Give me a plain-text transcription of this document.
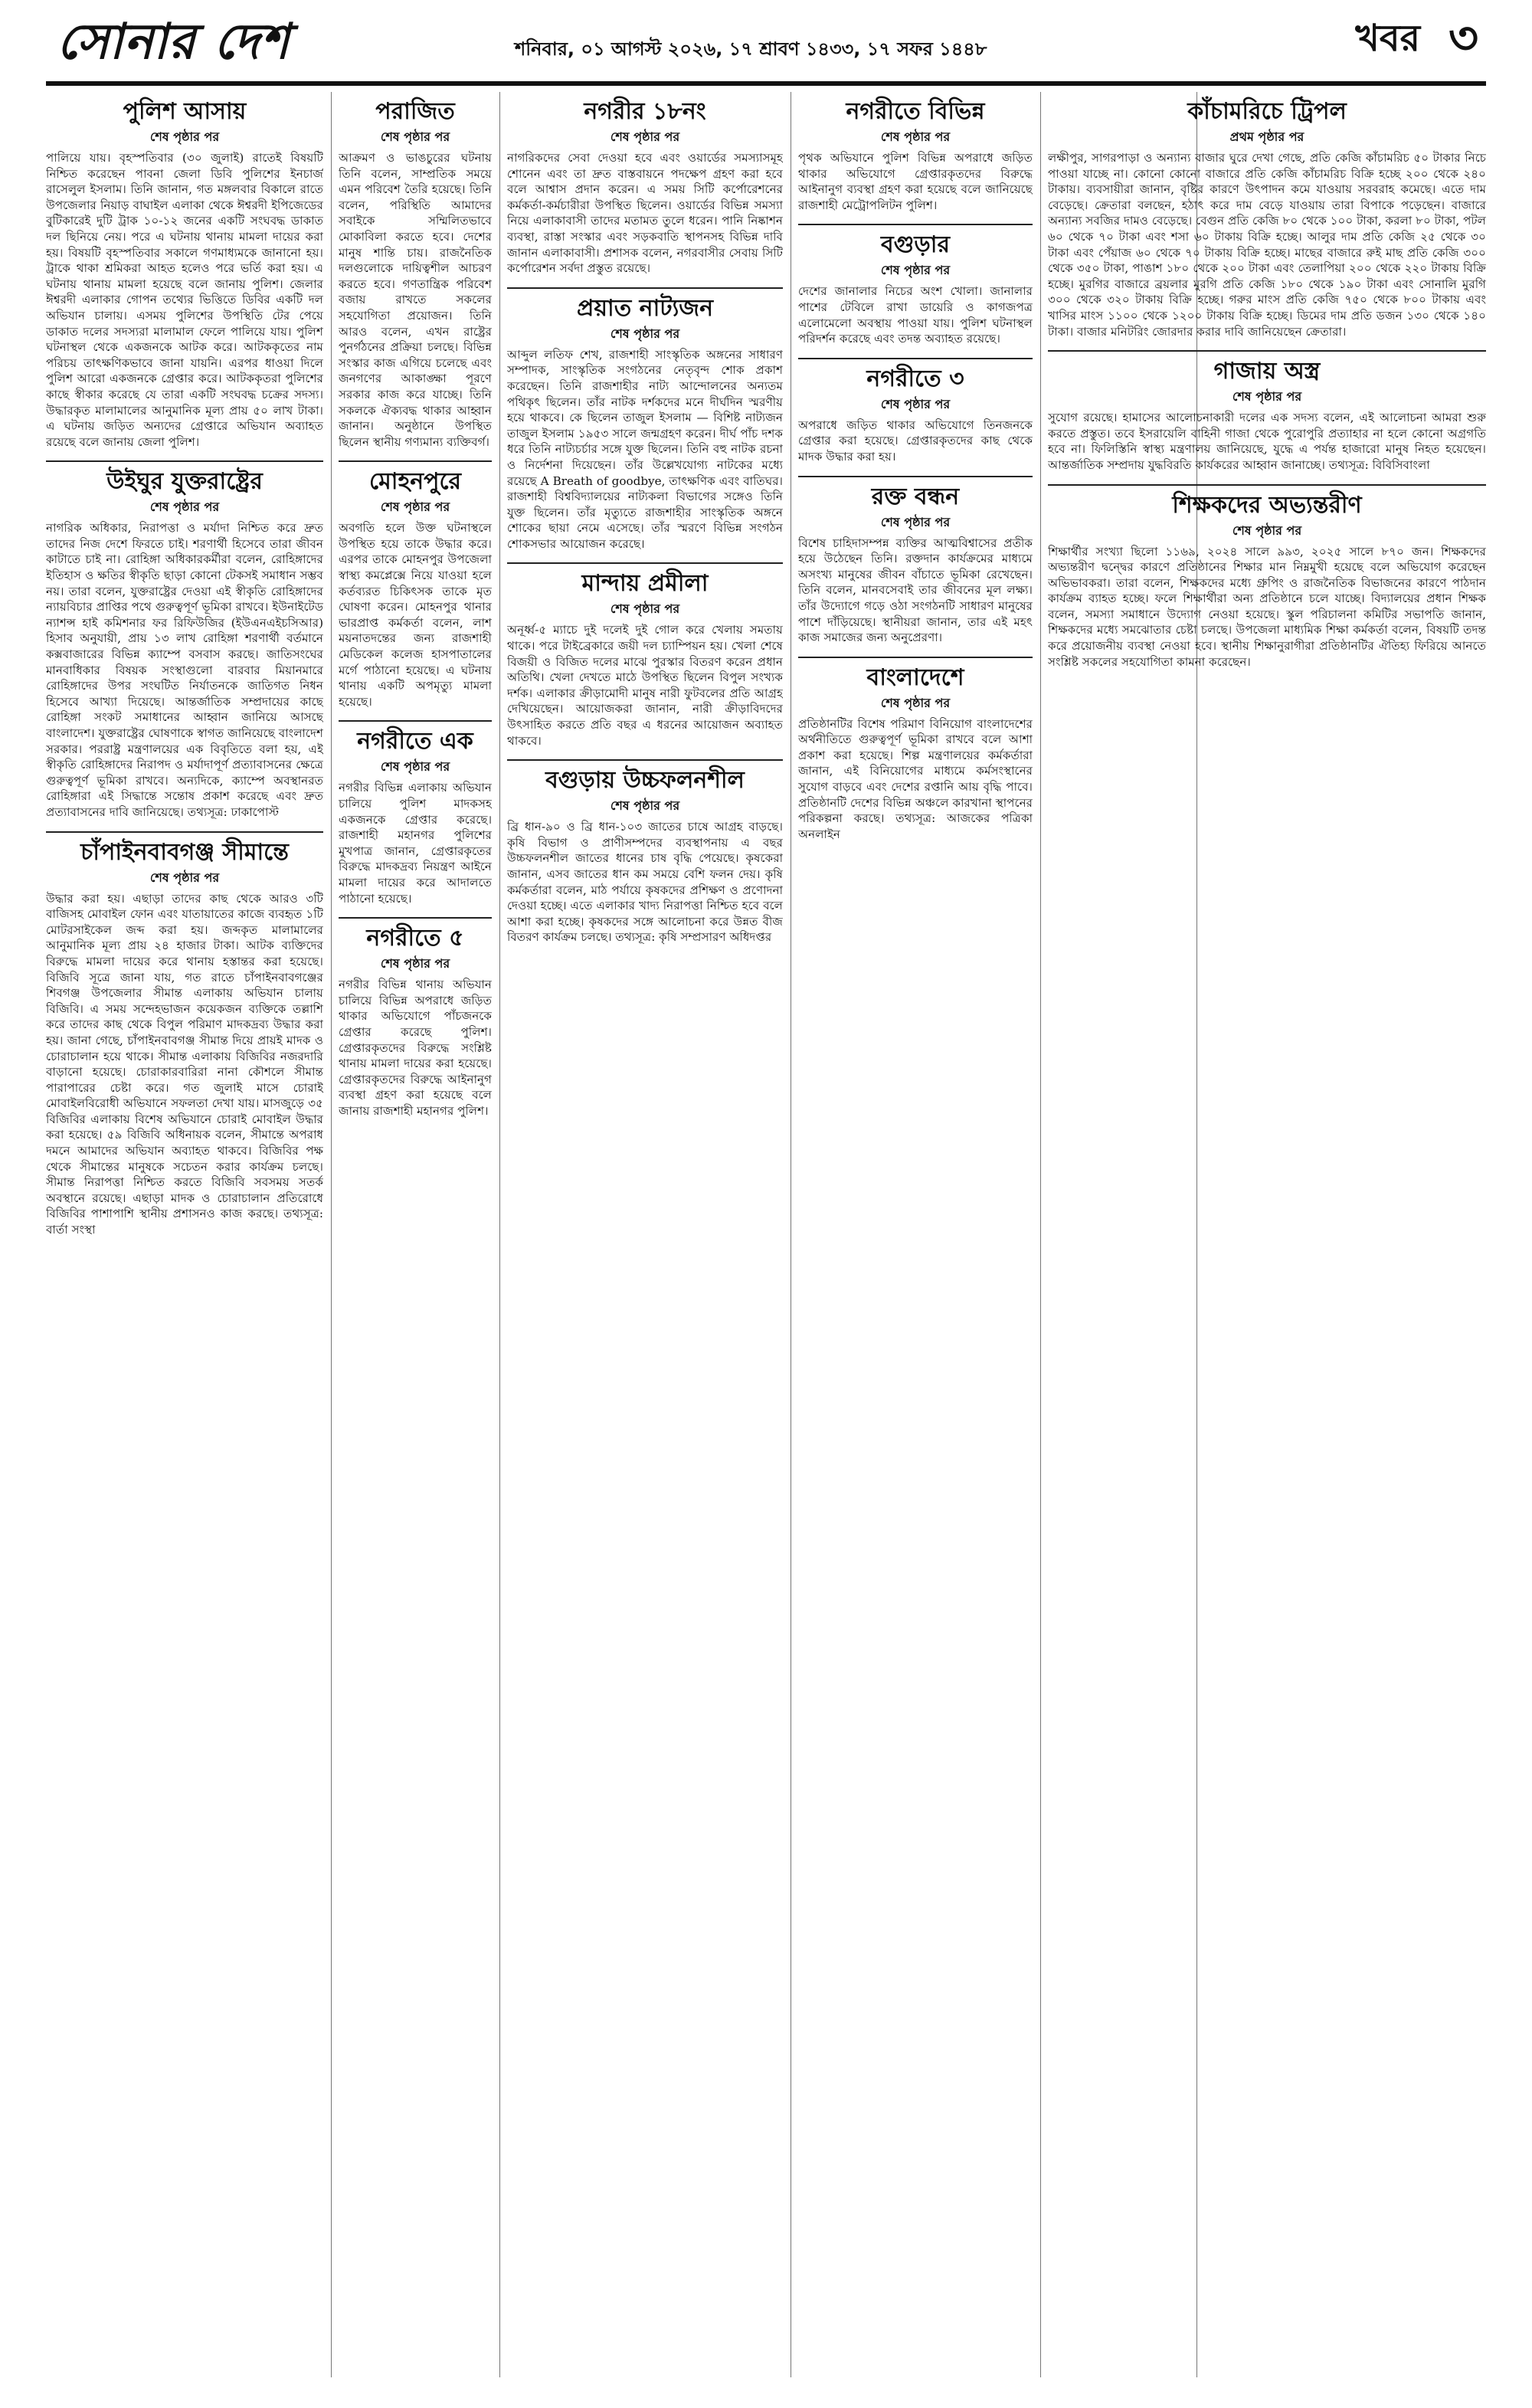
সোনার দেশ	শনিবার, ০১ আগস্ট ২০২৬, ১৭ শ্রাবণ ১৪৩৩, ১৭ সফর ১৪৪৮	খবর ৩
পুলিশ আসায়
শেষ পৃষ্ঠার পর

পালিয়ে যায়। বৃহস্পতিবার (৩০ জুলাই) রাতেই বিষয়টি নিশ্চিত করেছেন পাবনা জেলা ডিবি পুলিশের ইনচার্জ রাসেলুল ইসলাম। তিনি জানান, গত মঙ্গলবার বিকালে রাতে উপজেলার নিয়াড় বাঘাইল এলাকা থেকে ঈশ্বরদী ইপিজেডের বুটিকারেই দুটি ট্রাক ১০-১২ জনের একটি সংঘবদ্ধ ডাকাত দল ছিনিয়ে নেয়। পরে এ ঘটনায় থানায় মামলা দায়ের করা হয়। বিষয়টি বৃহস্পতিবার সকালে গণমাধ্যমকে জানানো হয়। ট্রাকে থাকা শ্রমিকরা আহত হলেও পরে ভর্তি করা হয়। এ ঘটনায় থানায় মামলা হয়েছে বলে জানায় পুলিশ। জেলার ঈশ্বরদী এলাকার গোপন তথ্যের ভিত্তিতে ডিবির একটি দল অভিযান চালায়। এসময় পুলিশের উপস্থিতি টের পেয়ে ডাকাত দলের সদস্যরা মালামাল ফেলে পালিয়ে যায়। পুলিশ ঘটনাস্থল থেকে একজনকে আটক করে। আটককৃতের নাম পরিচয় তাৎক্ষণিকভাবে জানা যায়নি। এরপর ধাওয়া দিলে পুলিশ আরো একজনকে গ্রেপ্তার করে। আটককৃতরা পুলিশের কাছে স্বীকার করেছে যে তারা একটি সংঘবদ্ধ চক্রের সদস্য। উদ্ধারকৃত মালামালের আনুমানিক মূল্য প্রায় ৫০ লাখ টাকা। এ ঘটনায় জড়িত অন্যদের গ্রেপ্তারে অভিযান অব্যাহত রয়েছে বলে জানায় জেলা পুলিশ।

উইঘুর যুক্তরাষ্ট্রের
শেষ পৃষ্ঠার পর

নাগরিক অধিকার, নিরাপত্তা ও মর্যাদা নিশ্চিত করে দ্রুত তাদের নিজ দেশে ফিরতে চাই। শরণার্থী হিসেবে তারা জীবন কাটাতে চাই না। রোহিঙ্গা অধিকারকর্মীরা বলেন, রোহিঙ্গাদের ইতিহাস ও ক্ষতির স্বীকৃতি ছাড়া কোনো টেকসই সমাধান সম্ভব নয়। তারা বলেন, যুক্তরাষ্ট্রের দেওয়া এই স্বীকৃতি রোহিঙ্গাদের ন্যায়বিচার প্রাপ্তির পথে গুরুত্বপূর্ণ ভূমিকা রাখবে। ইউনাইটেড ন্যাশন্স হাই কমিশনার ফর রিফিউজির (ইউএনএইচসিআর) হিসাব অনুযায়ী, প্রায় ১৩ লাখ রোহিঙ্গা শরণার্থী বর্তমানে কক্সবাজারের বিভিন্ন ক্যাম্পে বসবাস করছে। জাতিসংঘের মানবাধিকার বিষয়ক সংস্থাগুলো বারবার মিয়ানমারে রোহিঙ্গাদের উপর সংঘটিত নির্যাতনকে জাতিগত নিধন হিসেবে আখ্যা দিয়েছে। আন্তর্জাতিক সম্প্রদায়ের কাছে রোহিঙ্গা সংকট সমাধানের আহ্বান জানিয়ে আসছে বাংলাদেশ। যুক্তরাষ্ট্রের ঘোষণাকে স্বাগত জানিয়েছে বাংলাদেশ সরকার। পররাষ্ট্র মন্ত্রণালয়ের এক বিবৃতিতে বলা হয়, এই স্বীকৃতি রোহিঙ্গাদের নিরাপদ ও মর্যাদাপূর্ণ প্রত্যাবাসনের ক্ষেত্রে গুরুত্বপূর্ণ ভূমিকা রাখবে। অন্যদিকে, ক্যাম্পে অবস্থানরত রোহিঙ্গারা এই সিদ্ধান্তে সন্তোষ প্রকাশ করেছে এবং দ্রুত প্রত্যাবাসনের দাবি জানিয়েছে। তথ্যসূত্র: ঢাকাপোস্ট

চাঁপাইনবাবগঞ্জ সীমান্তে
শেষ পৃষ্ঠার পর

উদ্ধার করা হয়। এছাড়া তাদের কাছ থেকে আরও ৩টি বাজিসহ মোবাইল ফোন এবং যাতায়াতের কাজে ব্যবহৃত ১টি মোটরসাইকেল জব্দ করা হয়। জব্দকৃত মালামালের আনুমানিক মূল্য প্রায় ২৪ হাজার টাকা। আটক ব্যক্তিদের বিরুদ্ধে মামলা দায়ের করে থানায় হস্তান্তর করা হয়েছে। বিজিবি সূত্রে জানা যায়, গত রাতে চাঁপাইনবাবগঞ্জের শিবগঞ্জ উপজেলার সীমান্ত এলাকায় অভিযান চালায় বিজিবি। এ সময় সন্দেহভাজন কয়েকজন ব্যক্তিকে তল্লাশি করে তাদের কাছ থেকে বিপুল পরিমাণ মাদকদ্রব্য উদ্ধার করা হয়। জানা গেছে, চাঁপাইনবাবগঞ্জ সীমান্ত দিয়ে প্রায়ই মাদক ও চোরাচালান হয়ে থাকে। সীমান্ত এলাকায় বিজিবির নজরদারি বাড়ানো হয়েছে। চোরাকারবারিরা নানা কৌশলে সীমান্ত পারাপারের চেষ্টা করে। গত জুলাই মাসে চোরাই মোবাইলবিরোধী অভিযানে সফলতা দেখা যায়। মাসজুড়ে ৩৫ বিজিবির এলাকায় বিশেষ অভিযানে চোরাই মোবাইল উদ্ধার করা হয়েছে। ৫৯ বিজিবি অধিনায়ক বলেন, সীমান্তে অপরাধ দমনে আমাদের অভিযান অব্যাহত থাকবে। বিজিবির পক্ষ থেকে সীমান্তের মানুষকে সচেতন করার কার্যক্রম চলছে। সীমান্ত নিরাপত্তা নিশ্চিত করতে বিজিবি সবসময় সতর্ক অবস্থানে রয়েছে। এছাড়া মাদক ও চোরাচালান প্রতিরোধে বিজিবির পাশাপাশি স্থানীয় প্রশাসনও কাজ করছে। তথ্যসূত্র: বার্তা সংস্থা

পরাজিত
শেষ পৃষ্ঠার পর

আক্রমণ ও ভাঙচুরের ঘটনায় তিনি বলেন, সাম্প্রতিক সময়ে এমন পরিবেশ তৈরি হয়েছে। তিনি বলেন, পরিস্থিতি আমাদের সবাইকে সম্মিলিতভাবে মোকাবিলা করতে হবে। দেশের মানুষ শান্তি চায়। রাজনৈতিক দলগুলোকে দায়িত্বশীল আচরণ করতে হবে। গণতান্ত্রিক পরিবেশ বজায় রাখতে সকলের সহযোগিতা প্রয়োজন। তিনি আরও বলেন, এখন রাষ্ট্রের পুনর্গঠনের প্রক্রিয়া চলছে। বিভিন্ন সংস্কার কাজ এগিয়ে চলেছে এবং জনগণের আকাঙ্ক্ষা পূরণে সরকার কাজ করে যাচ্ছে। তিনি সকলকে ঐক্যবদ্ধ থাকার আহ্বান জানান। অনুষ্ঠানে উপস্থিত ছিলেন স্থানীয় গণ্যমান্য ব্যক্তিবর্গ।

মোহনপুরে
শেষ পৃষ্ঠার পর

অবগতি হলে উক্ত ঘটনাস্থলে উপস্থিত হয়ে তাকে উদ্ধার করে। এরপর তাকে মোহনপুর উপজেলা স্বাস্থ্য কমপ্লেক্সে নিয়ে যাওয়া হলে কর্তব্যরত চিকিৎসক তাকে মৃত ঘোষণা করেন। মোহনপুর থানার ভারপ্রাপ্ত কর্মকর্তা বলেন, লাশ ময়নাতদন্তের জন্য রাজশাহী মেডিকেল কলেজ হাসপাতালের মর্গে পাঠানো হয়েছে। এ ঘটনায় থানায় একটি অপমৃত্যু মামলা হয়েছে।

নগরীতে এক
শেষ পৃষ্ঠার পর

নগরীর বিভিন্ন এলাকায় অভিযান চালিয়ে পুলিশ মাদকসহ একজনকে গ্রেপ্তার করেছে। রাজশাহী মহানগর পুলিশের মুখপাত্র জানান, গ্রেপ্তারকৃতের বিরুদ্ধে মাদকদ্রব্য নিয়ন্ত্রণ আইনে মামলা দায়ের করে আদালতে পাঠানো হয়েছে।

নগরীতে ৫
শেষ পৃষ্ঠার পর

নগরীর বিভিন্ন থানায় অভিযান চালিয়ে বিভিন্ন অপরাধে জড়িত থাকার অভিযোগে পাঁচজনকে গ্রেপ্তার করেছে পুলিশ। গ্রেপ্তারকৃতদের বিরুদ্ধে সংশ্লিষ্ট থানায় মামলা দায়ের করা হয়েছে। গ্রেপ্তারকৃতদের বিরুদ্ধে আইনানুগ ব্যবস্থা গ্রহণ করা হয়েছে বলে জানায় রাজশাহী মহানগর পুলিশ।

নগরীর ১৮নং
শেষ পৃষ্ঠার পর

নাগরিকদের সেবা দেওয়া হবে এবং ওয়ার্ডের সমস্যাসমূহ শোনেন এবং তা দ্রুত বাস্তবায়নে পদক্ষেপ গ্রহণ করা হবে বলে আশ্বাস প্রদান করেন। এ সময় সিটি কর্পোরেশনের কর্মকর্তা-কর্মচারীরা উপস্থিত ছিলেন। ওয়ার্ডের বিভিন্ন সমস্যা নিয়ে এলাকাবাসী তাদের মতামত তুলে ধরেন। পানি নিষ্কাশন ব্যবস্থা, রাস্তা সংস্কার এবং সড়কবাতি স্থাপনসহ বিভিন্ন দাবি জানান এলাকাবাসী। প্রশাসক বলেন, নগরবাসীর সেবায় সিটি কর্পোরেশন সর্বদা প্রস্তুত রয়েছে।

প্রয়াত নাট্যজন
শেষ পৃষ্ঠার পর

আব্দুল লতিফ শেখ, রাজশাহী সাংস্কৃতিক অঙ্গনের সাধারণ সম্পাদক, সাংস্কৃতিক সংগঠনের নেতৃবৃন্দ শোক প্রকাশ করেছেন। তিনি রাজশাহীর নাট্য আন্দোলনের অন্যতম পথিকৃৎ ছিলেন। তাঁর নাটক দর্শকদের মনে দীর্ঘদিন স্মরণীয় হয়ে থাকবে। কে ছিলেন তাজুল ইসলাম — বিশিষ্ট নাট্যজন তাজুল ইসলাম ১৯৫৩ সালে জন্মগ্রহণ করেন। দীর্ঘ পাঁচ দশক ধরে তিনি নাট্যচর্চার সঙ্গে যুক্ত ছিলেন। তিনি বহু নাটক রচনা ও নির্দেশনা দিয়েছেন। তাঁর উল্লেখযোগ্য নাটকের মধ্যে রয়েছে A Breath of goodbye, তাৎক্ষণিক এবং বাতিঘর। রাজশাহী বিশ্ববিদ্যালয়ের নাট্যকলা বিভাগের সঙ্গেও তিনি যুক্ত ছিলেন। তাঁর মৃত্যুতে রাজশাহীর সাংস্কৃতিক অঙ্গনে শোকের ছায়া নেমে এসেছে। তাঁর স্মরণে বিভিন্ন সংগঠন শোকসভার আয়োজন করেছে।

মান্দায় প্রমীলা
শেষ পৃষ্ঠার পর

অনূর্ধ্ব-৫ ম্যাচে দুই দলেই দুই গোল করে খেলায় সমতায় থাকে। পরে টাইব্রেকারে জয়ী দল চ্যাম্পিয়ন হয়। খেলা শেষে বিজয়ী ও বিজিত দলের মাঝে পুরস্কার বিতরণ করেন প্রধান অতিথি। খেলা দেখতে মাঠে উপস্থিত ছিলেন বিপুল সংখ্যক দর্শক। এলাকার ক্রীড়ামোদী মানুষ নারী ফুটবলের প্রতি আগ্রহ দেখিয়েছেন। আয়োজকরা জানান, নারী ক্রীড়াবিদদের উৎসাহিত করতে প্রতি বছর এ ধরনের আয়োজন অব্যাহত থাকবে।

বগুড়ায় উচ্চফলনশীল
শেষ পৃষ্ঠার পর

ব্রি ধান-৯০ ও ব্রি ধান-১০৩ জাতের চাষে আগ্রহ বাড়ছে। কৃষি বিভাগ ও প্রাণীসম্পদের ব্যবস্থাপনায় এ বছর উচ্চফলনশীল জাতের ধানের চাষ বৃদ্ধি পেয়েছে। কৃষকেরা জানান, এসব জাতের ধান কম সময়ে বেশি ফলন দেয়। কৃষি কর্মকর্তারা বলেন, মাঠ পর্যায়ে কৃষকদের প্রশিক্ষণ ও প্রণোদনা দেওয়া হচ্ছে। এতে এলাকার খাদ্য নিরাপত্তা নিশ্চিত হবে বলে আশা করা হচ্ছে। কৃষকদের সঙ্গে আলোচনা করে উন্নত বীজ বিতরণ কার্যক্রম চলছে। তথ্যসূত্র: কৃষি সম্প্রসারণ অধিদপ্তর

নগরীতে বিভিন্ন
শেষ পৃষ্ঠার পর

পৃথক অভিযানে পুলিশ বিভিন্ন অপরাধে জড়িত থাকার অভিযোগে গ্রেপ্তারকৃতদের বিরুদ্ধে আইনানুগ ব্যবস্থা গ্রহণ করা হয়েছে বলে জানিয়েছে রাজশাহী মেট্রোপলিটন পুলিশ।

বগুড়ার
শেষ পৃষ্ঠার পর

দেশের জানালার নিচের অংশ খোলা। জানালার পাশের টেবিলে রাখা ডায়েরি ও কাগজপত্র এলোমেলো অবস্থায় পাওয়া যায়। পুলিশ ঘটনাস্থল পরিদর্শন করেছে এবং তদন্ত অব্যাহত রয়েছে।

নগরীতে ৩
শেষ পৃষ্ঠার পর

অপরাধে জড়িত থাকার অভিযোগে তিনজনকে গ্রেপ্তার করা হয়েছে। গ্রেপ্তারকৃতদের কাছ থেকে মাদক উদ্ধার করা হয়।

রক্ত বন্ধন
শেষ পৃষ্ঠার পর

বিশেষ চাহিদাসম্পন্ন ব্যক্তির আত্মবিশ্বাসের প্রতীক হয়ে উঠেছেন তিনি। রক্তদান কার্যক্রমের মাধ্যমে অসংখ্য মানুষের জীবন বাঁচাতে ভূমিকা রেখেছেন। তিনি বলেন, মানবসেবাই তার জীবনের মূল লক্ষ্য। তাঁর উদ্যোগে গড়ে ওঠা সংগঠনটি সাধারণ মানুষের পাশে দাঁড়িয়েছে। স্থানীয়রা জানান, তার এই মহৎ কাজ সমাজের জন্য অনুপ্রেরণা।

বাংলাদেশে
শেষ পৃষ্ঠার পর

প্রতিষ্ঠানটির বিশেষ পরিমাণ বিনিয়োগ বাংলাদেশের অর্থনীতিতে গুরুত্বপূর্ণ ভূমিকা রাখবে বলে আশা প্রকাশ করা হয়েছে। শিল্প মন্ত্রণালয়ের কর্মকর্তারা জানান, এই বিনিয়োগের মাধ্যমে কর্মসংস্থানের সুযোগ বাড়বে এবং দেশের রপ্তানি আয় বৃদ্ধি পাবে। প্রতিষ্ঠানটি দেশের বিভিন্ন অঞ্চলে কারখানা স্থাপনের পরিকল্পনা করছে। তথ্যসূত্র: আজকের পত্রিকা অনলাইন

কাঁচামরিচে ট্রিপল
প্রথম পৃষ্ঠার পর

লক্ষীপুর, সাগরপাড়া ও অন্যান্য বাজার ঘুরে দেখা গেছে, প্রতি কেজি কাঁচামরিচ ৫০ টাকার নিচে পাওয়া যাচ্ছে না। কোনো কোনো বাজারে প্রতি কেজি কাঁচামরিচ বিক্রি হচ্ছে ২০০ থেকে ২৪০ টাকায়। ব্যবসায়ীরা জানান, বৃষ্টির কারণে উৎপাদন কমে যাওয়ায় সরবরাহ কমেছে। এতে দাম বেড়েছে। ক্রেতারা বলছেন, হঠাৎ করে দাম বেড়ে যাওয়ায় তারা বিপাকে পড়েছেন। বাজারে অন্যান্য সবজির দামও বেড়েছে। বেগুন প্রতি কেজি ৮০ থেকে ১০০ টাকা, করলা ৮০ টাকা, পটল ৬০ থেকে ৭০ টাকা এবং শসা ৬০ টাকায় বিক্রি হচ্ছে। আলুর দাম প্রতি কেজি ২৫ থেকে ৩০ টাকা এবং পেঁয়াজ ৬০ থেকে ৭০ টাকায় বিক্রি হচ্ছে। মাছের বাজারে রুই মাছ প্রতি কেজি ৩০০ থেকে ৩৫০ টাকা, পাঙাশ ১৮০ থেকে ২০০ টাকা এবং তেলাপিয়া ২০০ থেকে ২২০ টাকায় বিক্রি হচ্ছে। মুরগির বাজারে ব্রয়লার মুরগি প্রতি কেজি ১৮০ থেকে ১৯০ টাকা এবং সোনালি মুরগি ৩০০ থেকে ৩২০ টাকায় বিক্রি হচ্ছে। গরুর মাংস প্রতি কেজি ৭৫০ থেকে ৮০০ টাকায় এবং খাসির মাংস ১১০০ থেকে ১২০০ টাকায় বিক্রি হচ্ছে। ডিমের দাম প্রতি ডজন ১৩০ থেকে ১৪০ টাকা। বাজার মনিটরিং জোরদার করার দাবি জানিয়েছেন ক্রেতারা।

গাজায় অস্ত্র
শেষ পৃষ্ঠার পর

সুযোগ রয়েছে। হামাসের আলোচনাকারী দলের এক সদস্য বলেন, এই আলোচনা আমরা শুরু করতে প্রস্তুত। তবে ইসরায়েলি বাহিনী গাজা থেকে পুরোপুরি প্রত্যাহার না হলে কোনো অগ্রগতি হবে না। ফিলিস্তিনি স্বাস্থ্য মন্ত্রণালয় জানিয়েছে, যুদ্ধে এ পর্যন্ত হাজারো মানুষ নিহত হয়েছেন। আন্তর্জাতিক সম্প্রদায় যুদ্ধবিরতি কার্যকরের আহ্বান জানাচ্ছে। তথ্যসূত্র: বিবিসিবাংলা

শিক্ষকদের অভ্যন্তরীণ
শেষ পৃষ্ঠার পর

শিক্ষার্থীর সংখ্যা ছিলো ১১৬৯, ২০২৪ সালে ৯৯৩, ২০২৫ সালে ৮৭০ জন। শিক্ষকদের অভ্যন্তরীণ দ্বন্দ্বের কারণে প্রতিষ্ঠানের শিক্ষার মান নিম্নমুখী হয়েছে বলে অভিযোগ করেছেন অভিভাবকরা। তারা বলেন, শিক্ষকদের মধ্যে গ্রুপিং ও রাজনৈতিক বিভাজনের কারণে পাঠদান কার্যক্রম ব্যাহত হচ্ছে। ফলে শিক্ষার্থীরা অন্য প্রতিষ্ঠানে চলে যাচ্ছে। বিদ্যালয়ের প্রধান শিক্ষক বলেন, সমস্যা সমাধানে উদ্যোগ নেওয়া হয়েছে। স্কুল পরিচালনা কমিটির সভাপতি জানান, শিক্ষকদের মধ্যে সমঝোতার চেষ্টা চলছে। উপজেলা মাধ্যমিক শিক্ষা কর্মকর্তা বলেন, বিষয়টি তদন্ত করে প্রয়োজনীয় ব্যবস্থা নেওয়া হবে। স্থানীয় শিক্ষানুরাগীরা প্রতিষ্ঠানটির ঐতিহ্য ফিরিয়ে আনতে সংশ্লিষ্ট সকলের সহযোগিতা কামনা করেছেন।
